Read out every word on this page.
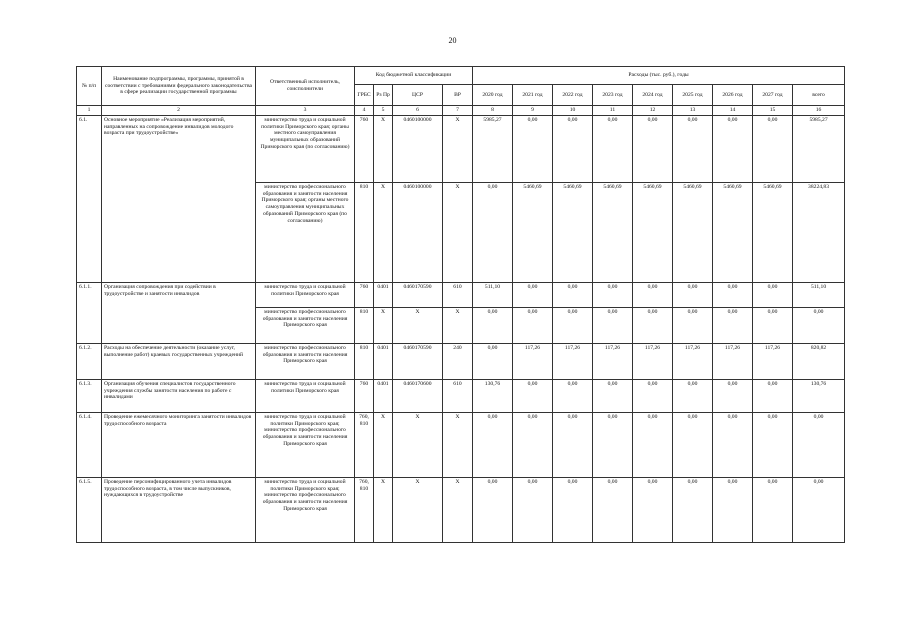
20
№ п/п	Наименование подпрограммы, программы, принятой в соответствии с требованиями федерального законодательства в сфере реализации государственной программы	Ответственный исполнитель, соисполнители	Код бюджетной классификации				Расходы (тыс. руб.), годы								
			ГРБС	Рз Пр	ЦСР	ВР	2020 год	2021 год	2022 год	2023 год	2024 год	2025 год	2026 год	2027 год	всего
1	2	3	4	5	6	7	8	9	10	11	12	13	14	15	16
6.1.	Основное мероприятие «Реализация мероприятий, направленных на сопровождение инвалидов молодого возраста при трудоустройстве»	министерство труда и социальной политики Приморского края; органы местного самоуправления муниципальных образований Приморского края (по согласованию)	760	Х	0460100000	Х	5985,27	0,00	0,00	0,00	0,00	0,00	0,00	0,00	5985,27
		министерство профессионального образования и занятости населения Приморского края; органы местного самоуправления муниципальных образований Приморского края (по согласованию)	810	Х	0460100000	Х	0,00	5460,69	5460,69	5460,69	5460,69	5460,69	5460,69	5460,69	38224,83
6.1.1.	Организация сопровождения при содействии в трудоустройстве и занятости инвалидов	министерство труда и социальной политики Приморского края	760	0401	0460170590	610	511,10	0,00	0,00	0,00	0,00	0,00	0,00	0,00	511,10
		министерство профессионального образования и занятости населения Приморского края	810	Х	Х	Х	0,00	0,00	0,00	0,00	0,00	0,00	0,00	0,00	0,00
6.1.2.	Расходы на обеспечение деятельности (оказание услуг, выполнение работ) краевых государственных учреждений	министерство профессионального образования и занятости населения Приморского края	810	0401	0460170590	240	0,00	117,26	117,26	117,26	117,26	117,26	117,26	117,26	820,82
6.1.3.	Организация обучения специалистов государственного учреждения службы занятости населения по работе с инвалидами	министерство труда и социальной политики Приморского края	760	0401	0460170600	610	130,76	0,00	0,00	0,00	0,00	0,00	0,00	0,00	130,76
6.1.4.	Проведение ежемесячного мониторинга занятости инвалидов трудоспособного возраста	министерство труда и социальной политики Приморского края; министерство профессионального образования и занятости населения Приморского края	760, 810	Х	Х	Х	0,00	0,00	0,00	0,00	0,00	0,00	0,00	0,00	0,00
6.1.5.	Проведение персонифицированного учета инвалидов трудоспособного возраста, в том числе выпускников, нуждающихся в трудоустройстве	министерство труда и социальной политики Приморского края; министерство профессионального образования и занятости населения Приморского края	760, 810	Х	Х	Х	0,00	0,00	0,00	0,00	0,00	0,00	0,00	0,00	0,00
